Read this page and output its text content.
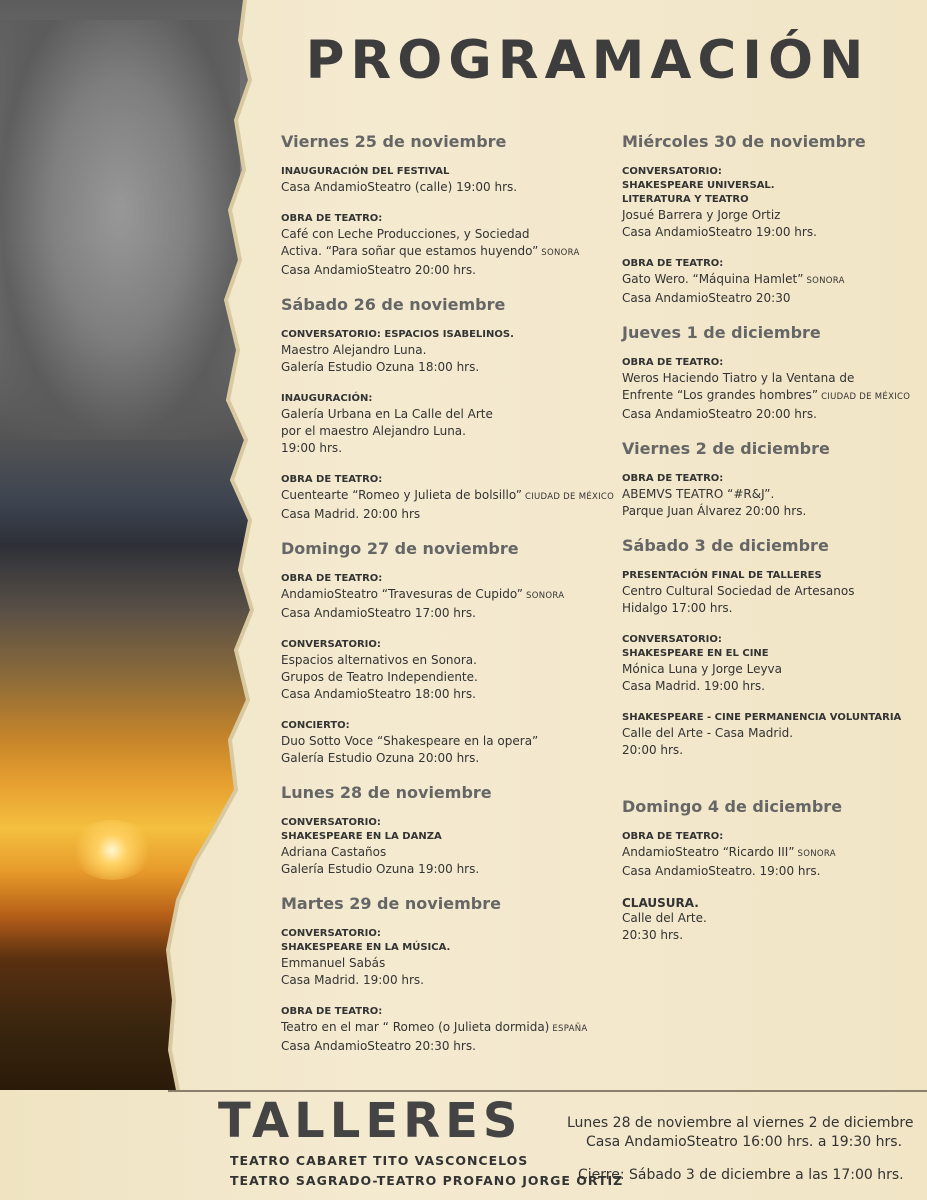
PROGRAMACIÓN
Viernes 25 de noviembre
INAUGURACIÓN DEL FESTIVAL
Casa AndamioSteatro (calle) 19:00 hrs.
OBRA DE TEATRO:
Café con Leche Producciones, y Sociedad
Activa. “Para soñar que estamos huyendo” SONORA
Casa AndamioSteatro 20:00 hrs.
Sábado 26 de noviembre
CONVERSATORIO: ESPACIOS ISABELINOS.
Maestro Alejandro Luna.
Galería Estudio Ozuna 18:00 hrs.
INAUGURACIÓN:
Galería Urbana en La Calle del Arte
por el maestro Alejandro Luna.
19:00 hrs.
OBRA DE TEATRO:
Cuentearte “Romeo y Julieta de bolsillo” CIUDAD DE MÉXICO
Casa Madrid. 20:00 hrs
Domingo 27 de noviembre
OBRA DE TEATRO:
AndamioSteatro “Travesuras de Cupido” SONORA
Casa AndamioSteatro 17:00 hrs.
CONVERSATORIO:
Espacios alternativos en Sonora.
Grupos de Teatro Independiente.
Casa AndamioSteatro 18:00 hrs.
CONCIERTO:
Duo Sotto Voce “Shakespeare en la opera”
Galería Estudio Ozuna 20:00 hrs.
Lunes 28 de noviembre
CONVERSATORIO:
SHAKESPEARE EN LA DANZA
Adriana Castaños
Galería Estudio Ozuna 19:00 hrs.
Martes 29 de noviembre
CONVERSATORIO:
SHAKESPEARE EN LA MÚSICA.
Emmanuel Sabás
Casa Madrid. 19:00 hrs.
OBRA DE TEATRO:
Teatro en el mar “ Romeo (o Julieta dormida) ESPAÑA
Casa AndamioSteatro 20:30 hrs.
Miércoles 30 de noviembre
CONVERSATORIO:
SHAKESPEARE UNIVERSAL.
LITERATURA Y TEATRO
Josué Barrera y Jorge Ortiz
Casa AndamioSteatro 19:00 hrs.
OBRA DE TEATRO:
Gato Wero. “Máquina Hamlet” SONORA
Casa AndamioSteatro 20:30
Jueves 1 de diciembre
OBRA DE TEATRO:
Weros Haciendo Tiatro y la Ventana de
Enfrente “Los grandes hombres” CIUDAD DE MÉXICO
Casa AndamioSteatro 20:00 hrs.
Viernes 2 de diciembre
OBRA DE TEATRO:
ABEMVS TEATRO “#R&J”.
Parque Juan Álvarez 20:00 hrs.
Sábado 3 de diciembre
PRESENTACIÓN FINAL DE TALLERES
Centro Cultural Sociedad de Artesanos
Hidalgo 17:00 hrs.
CONVERSATORIO:
SHAKESPEARE EN EL CINE
Mónica Luna y Jorge Leyva
Casa Madrid. 19:00 hrs.
SHAKESPEARE - CINE PERMANENCIA VOLUNTARIA
Calle del Arte - Casa Madrid.
20:00 hrs.
Domingo 4 de diciembre
OBRA DE TEATRO:
AndamioSteatro “Ricardo III” SONORA
Casa AndamioSteatro. 19:00 hrs.
CLAUSURA.
Calle del Arte.
20:30 hrs.
TALLERES
TEATRO CABARET TITO VASCONCELOS
TEATRO SAGRADO-TEATRO PROFANO JORGE ORTIZ
Lunes 28 de noviembre al viernes 2 de diciembre
Casa AndamioSteatro 16:00 hrs. a 19:30 hrs.
Cierre: Sábado 3 de diciembre a las 17:00 hrs.
